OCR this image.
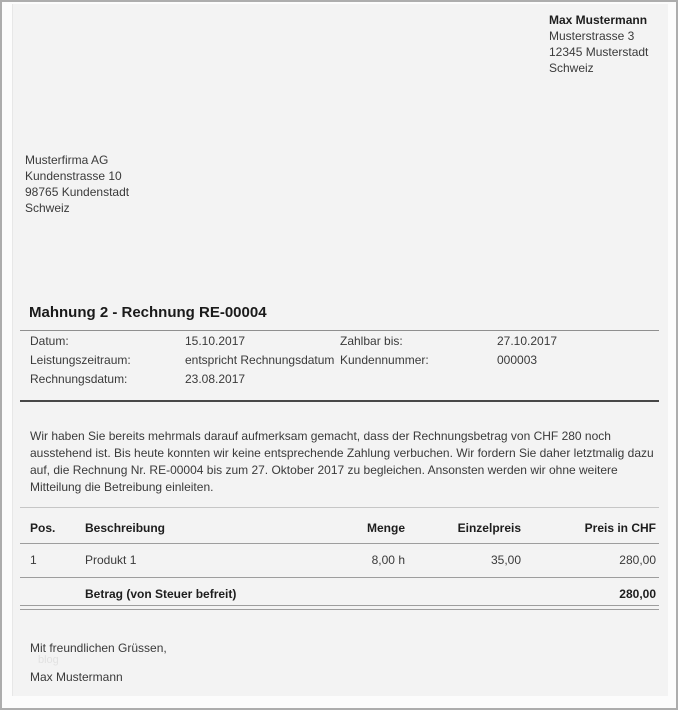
Max Mustermann
Musterstrasse 3
12345 Musterstadt
Schweiz
Musterfirma AG
Kundenstrasse 10
98765 Kundenstadt
Schweiz
Mahnung 2 - Rechnung RE-00004
Datum:	15.10.2017	Zahlbar bis:	27.10.2017
Leistungszeitraum:	entspricht Rechnungsdatum Kundennummer:	000003
Rechnungsdatum:	23.08.2017
Wir haben Sie bereits mehrmals darauf aufmerksam gemacht, dass der Rechnungsbetrag von CHF 280 noch
ausstehend ist. Bis heute konnten wir keine entsprechende Zahlung verbuchen. Wir fordern Sie daher letztmalig dazu
auf, die Rechnung Nr. RE-00004 bis zum 27. Oktober 2017 zu begleichen. Ansonsten werden wir ohne weitere
Mitteilung die Betreibung einleiten.
Pos.	Beschreibung	Menge	Einzelpreis	Preis in CHF
1	Produkt 1	8,00 h	35,00	280,00
Betrag (von Steuer befreit)	280,00
Mit freundlichen Grüssen,
blog
Max Mustermann
